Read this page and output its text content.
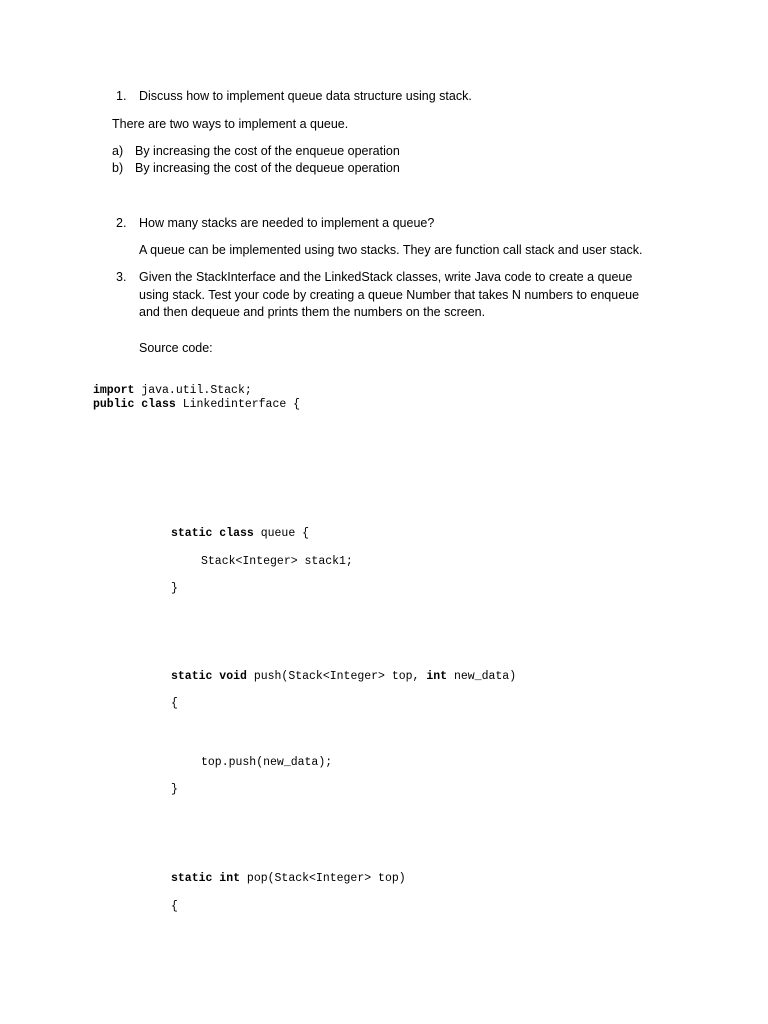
1. Discuss how to implement queue data structure using stack.
There are two ways to implement a queue.
a) By increasing the cost of the enqueue operation
b) By increasing the cost of the dequeue operation
2. How many stacks are needed to implement a queue?
A queue can be implemented using two stacks. They are function call stack and user stack.
3. Given the StackInterface and the LinkedStack classes, write Java code to create a queue
using stack. Test your code by creating a queue Number that takes N numbers to enqueue
and then dequeue and prints them the numbers on the screen.
Source code:
import java.util.Stack;
public class Linkedinterface {
static class queue {
Stack<Integer> stack1;
}
static void push(Stack<Integer> top, int new_data)
{
top.push(new_data);
}
static int pop(Stack<Integer> top)
{
